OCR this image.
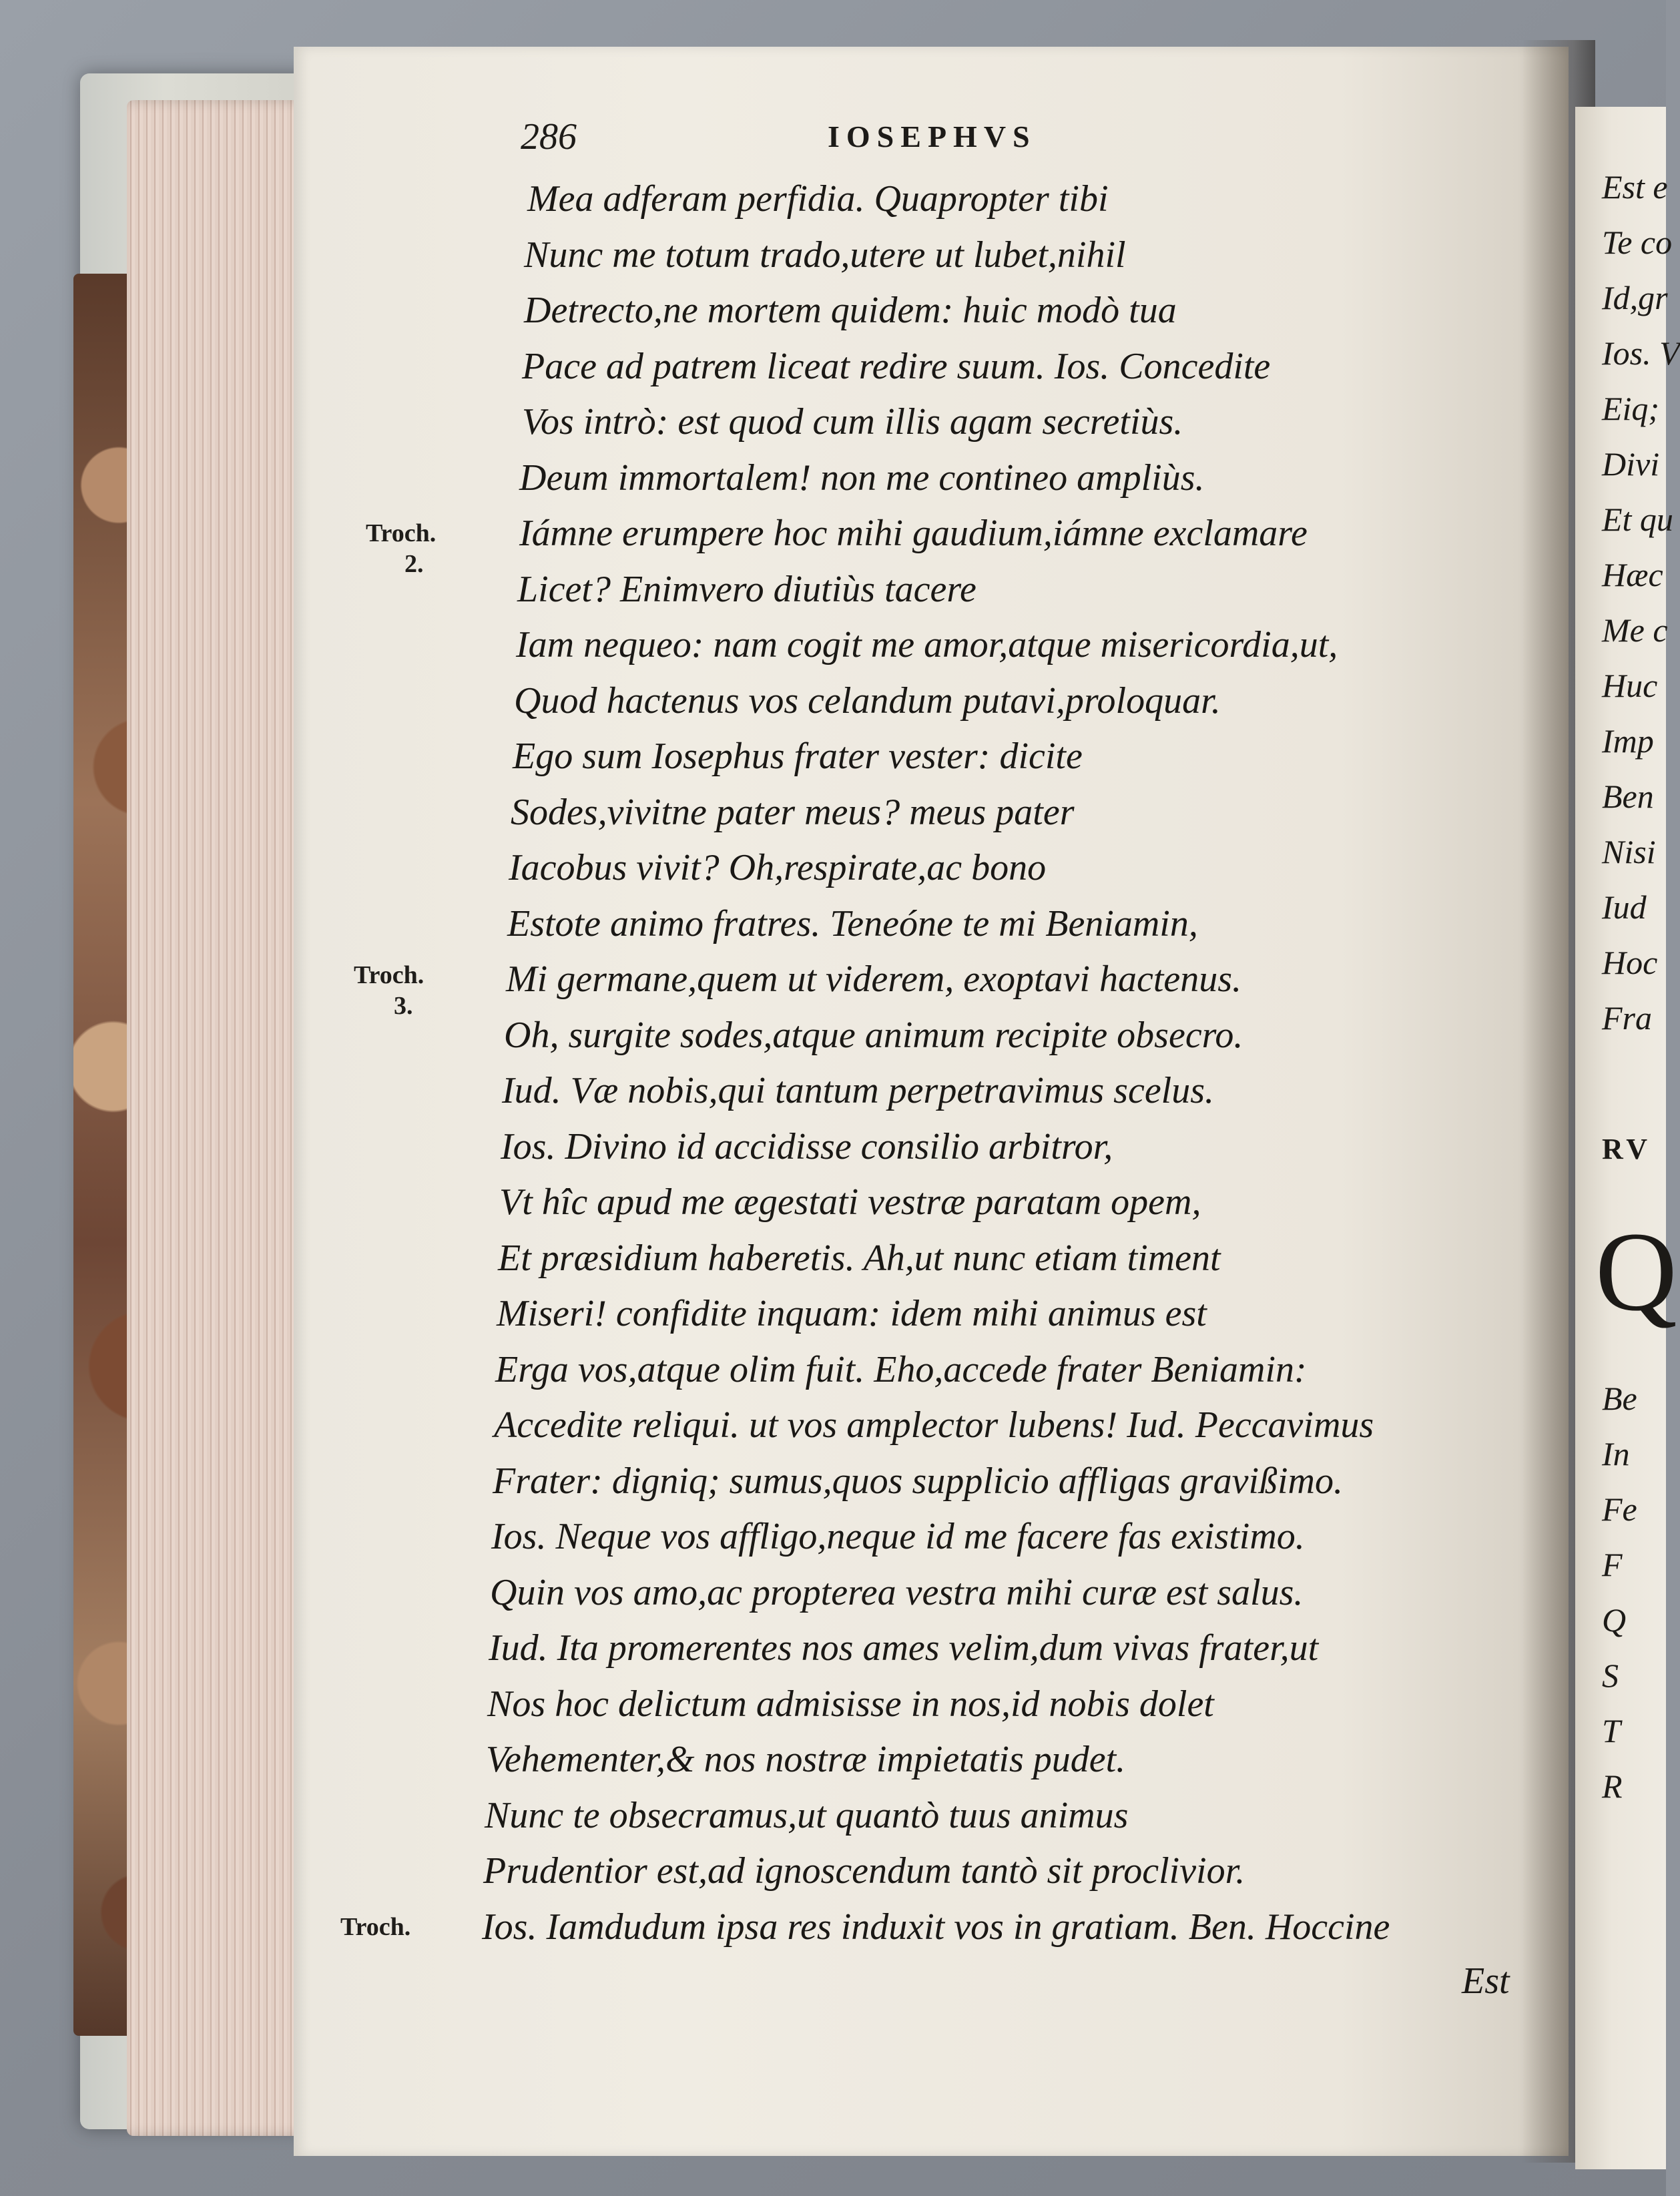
286	IOSEPHVS
Mea adferam perfidia. Quapropter tibi
Nunc me totum trado,utere ut lubet,nihil
Detrecto,ne mortem quidem: huic modò tua
Pace ad patrem liceat redire suum. Ios. Concedite
Vos intrò: est quod cum illis agam secretiùs.
Deum immortalem! non me contineo ampliùs.
Iámne erumpere hoc mihi gaudium,iámne exclamare
Licet? Enimvero diutiùs tacere
Iam nequeo: nam cogit me amor,atque misericordia,ut,
Quod hactenus vos celandum putavi,proloquar.
Ego sum Iosephus frater vester: dicite
Sodes,vivitne pater meus? meus pater
Iacobus vivit? Oh,respirate,ac bono
Estote animo fratres. Teneóne te mi Beniamin,
Mi germane,quem ut viderem, exoptavi hactenus.
Oh, surgite sodes,atque animum recipite obsecro.
Iud. Væ nobis,qui tantum perpetravimus scelus.
Ios. Divino id accidisse consilio arbitror,
Vt hîc apud me ægestati vestræ paratam opem,
Et præsidium haberetis. Ah,ut nunc etiam timent
Miseri! confidite inquam: idem mihi animus est
Erga vos,atque olim fuit. Eho,accede frater Beniamin:
Accedite reliqui. ut vos amplector lubens! Iud. Peccavimus
Frater: digniq; sumus,quos supplicio affligas gravißimo.
Ios. Neque vos affligo,neque id me facere fas existimo.
Quin vos amo,ac propterea vestra mihi curæ est salus.
Iud. Ita promerentes nos ames velim,dum vivas frater,ut
Nos hoc delictum admisisse in nos,id nobis dolet
Vehementer,& nos nostræ impietatis pudet.
Nunc te obsecramus,ut quantò tuus animus
Prudentior est,ad ignoscendum tantò sit proclivior.
Ios. Iamdudum ipsa res induxit vos in gratiam. Ben. Hoccine
Troch.
2.
Troch.
3.
Troch.
Est
Est e
Te co
Id,gr
Ios. V
Eiq;
Divi
Et qu
Hæc
Me c
Huc
Imp
Ben
Nisi
Iud
Hoc
Fra
RV
Q
Be
In
Fe
F
Q
S
T
R
